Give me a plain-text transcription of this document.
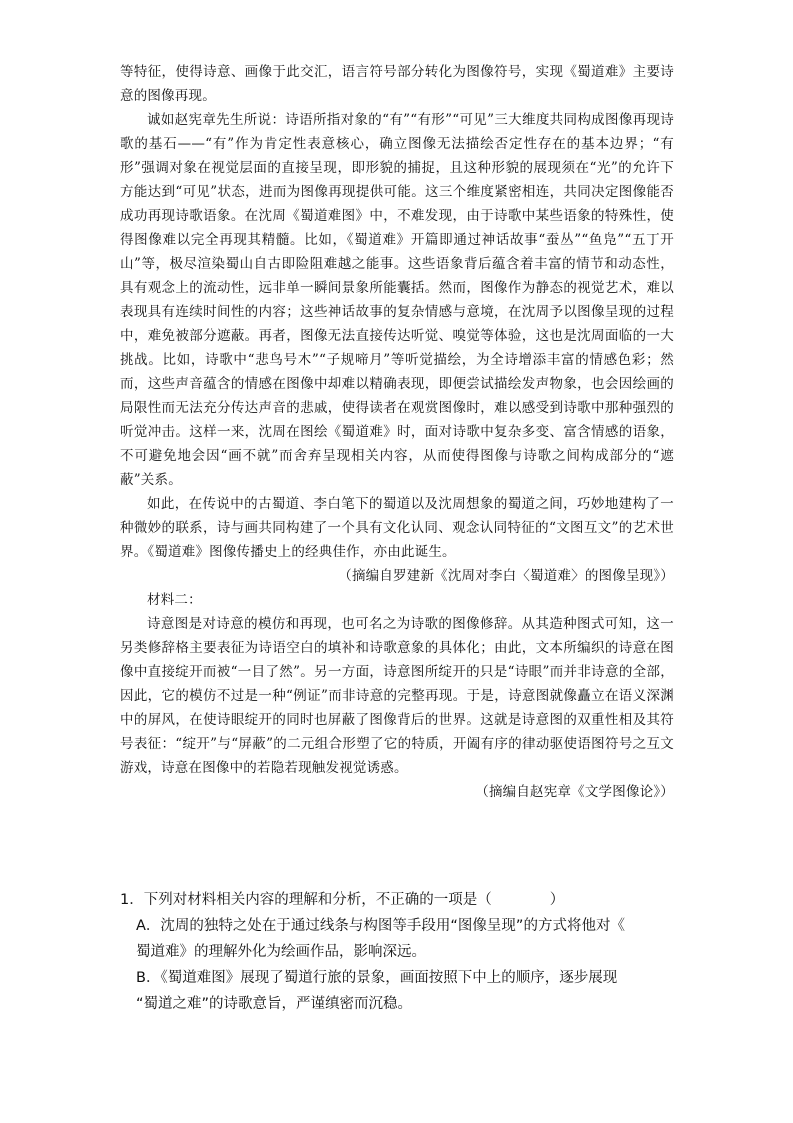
等特征，使得诗意、画像于此交汇，语言符号部分转化为图像符号，实现《蜀道难》主要诗意的图像再现。

诚如赵宪章先生所说：诗语所指对象的“有”“有形”“可见”三大维度共同构成图像再现诗歌的基石——“有”作为肯定性表意核心，确立图像无法描绘否定性存在的基本边界；“有形”强调对象在视觉层面的直接呈现，即形貌的捕捉，且这种形貌的展现须在“光”的允许下方能达到“可见”状态，进而为图像再现提供可能。这三个维度紧密相连，共同决定图像能否成功再现诗歌语象。在沈周《蜀道难图》中，不难发现，由于诗歌中某些语象的特殊性，使得图像难以完全再现其精髓。比如，《蜀道难》开篇即通过神话故事“蚕丛”“鱼凫”“五丁开山”等，极尽渲染蜀山自古即险阻难越之能事。这些语象背后蕴含着丰富的情节和动态性，具有观念上的流动性，远非单一瞬间景象所能囊括。然而，图像作为静态的视觉艺术，难以表现具有连续时间性的内容；这些神话故事的复杂情感与意境，在沈周予以图像呈现的过程中，难免被部分遮蔽。再者，图像无法直接传达听觉、嗅觉等体验，这也是沈周面临的一大挑战。比如，诗歌中“悲鸟号木”“子规啼月”等听觉描绘，为全诗增添丰富的情感色彩；然而，这些声音蕴含的情感在图像中却难以精确表现，即便尝试描绘发声物象，也会因绘画的局限性而无法充分传达声音的悲戚，使得读者在观赏图像时，难以感受到诗歌中那种强烈的听觉冲击。这样一来，沈周在图绘《蜀道难》时，面对诗歌中复杂多变、富含情感的语象，不可避免地会因“画不就”而舍弃呈现相关内容，从而使得图像与诗歌之间构成部分的“遮蔽”关系。

如此，在传说中的古蜀道、李白笔下的蜀道以及沈周想象的蜀道之间，巧妙地建构了一种微妙的联系，诗与画共同构建了一个具有文化认同、观念认同特征的“文图互文”的艺术世界。《蜀道难》图像传播史上的经典佳作，亦由此诞生。

（摘编自罗建新《沈周对李白〈蜀道难〉的图像呈现》）

材料二：

诗意图是对诗意的模仿和再现，也可名之为诗歌的图像修辞。从其造种图式可知，这一另类修辞格主要表征为诗语空白的填补和诗歌意象的具体化；由此，文本所编织的诗意在图像中直接绽开而被“一目了然”。另一方面，诗意图所绽开的只是“诗眼”而并非诗意的全部，因此，它的模仿不过是一种“例证”而非诗意的完整再现。于是，诗意图就像矗立在语义深渊中的屏风，在使诗眼绽开的同时也屏蔽了图像背后的世界。这就是诗意图的双重性相及其符号表征：“绽开”与“屏蔽”的二元组合形塑了它的特质，开阖有序的律动驱使语图符号之互文游戏，诗意在图像中的若隐若现触发视觉诱惑。

（摘编自赵宪章《文学图像论》）

1．下列对材料相关内容的理解和分析，不正确的一项是（　　　　）

A．沈周的独特之处在于通过线条与构图等手段用“图像呈现”的方式将他对《

蜀道难》的理解外化为绘画作品，影响深远。

B．《蜀道难图》展现了蜀道行旅的景象，画面按照下中上的顺序，逐步展现

“蜀道之难”的诗歌意旨，严谨缜密而沉稳。
